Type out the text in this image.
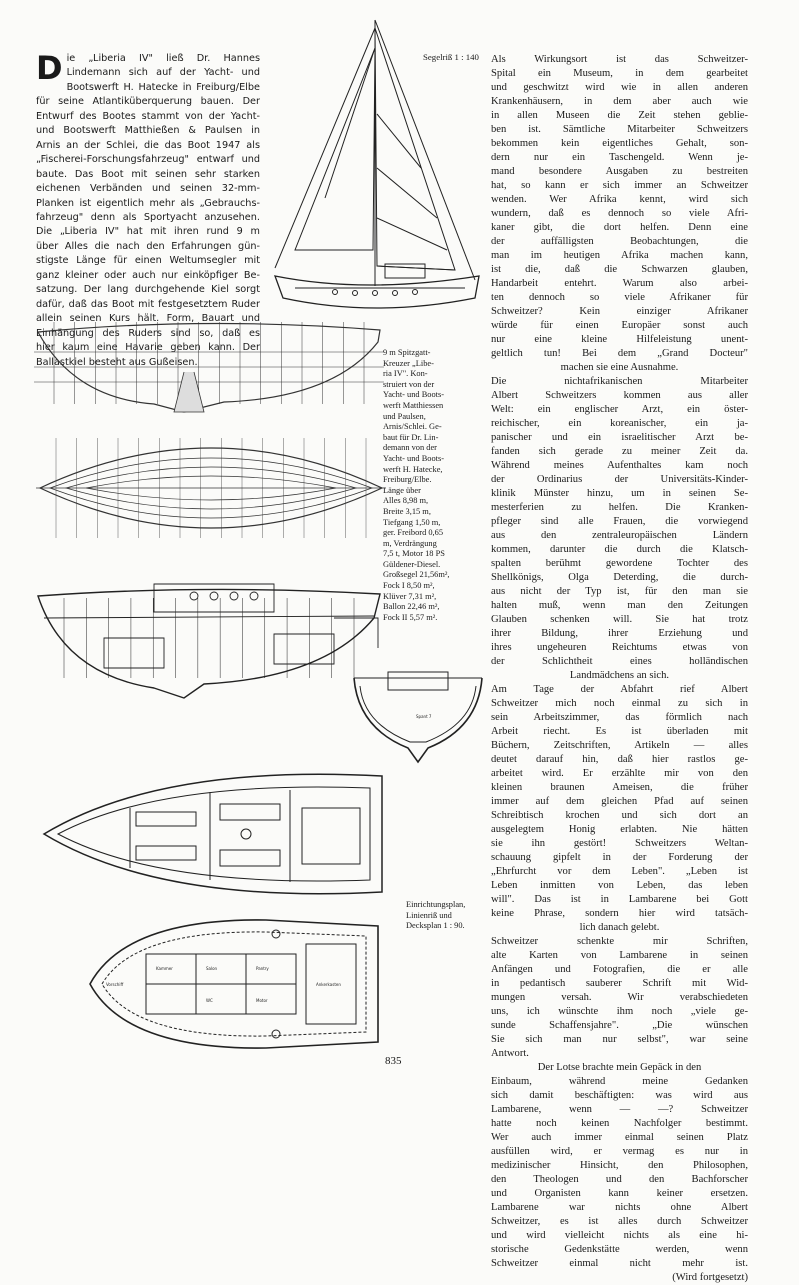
D ie „Liberia IV" ließ Dr. Hannes
Lindemann sich auf der Yacht- und
Bootswerft H. Hatecke in Freiburg/Elbe
für seine Atlantiküberquerung bauen. Der
Entwurf des Bootes stammt von der Yacht-
und Bootswerft Matthießen & Paulsen in
Arnis an der Schlei, die das Boot 1947 als
„Fischerei-Forschungsfahrzeug" entwarf und
baute. Das Boot mit seinen sehr starken
eichenen Verbänden und seinen 32-mm-
Planken ist eigentlich mehr als „Gebrauchs-
fahrzeug" denn als Sportyacht anzusehen.
Die „Liberia IV" hat mit ihren rund 9 m
über Alles die nach den Erfahrungen gün-
stigste Länge für einen Weltumsegler mit
ganz kleiner oder auch nur einköpfiger Be-
satzung. Der lang durchgehende Kiel sorgt
dafür, daß das Boot mit festgesetztem Ruder
allein seinen Kurs hält. Form, Bauart und
Einhängung des Ruders sind so, daß es
hier kaum eine Havarie geben kann. Der
Ballastkiel besteht aus Gußeisen.
Als Wirkungsort ist das Schweitzer-
Spital ein Museum, in dem gearbeitet
und geschwitzt wird wie in allen anderen
Krankenhäusern, in dem aber auch wie
in allen Museen die Zeit stehen geblie-
ben ist. Sämtliche Mitarbeiter Schweitzers
bekommen kein eigentliches Gehalt, son-
dern nur ein Taschengeld. Wenn je-
mand besondere Ausgaben zu bestreiten
hat, so kann er sich immer an Schweitzer
wenden. Wer Afrika kennt, wird sich
wundern, daß es dennoch so viele Afri-
kaner gibt, die dort helfen. Denn eine
der auffälligsten Beobachtungen, die
man im heutigen Afrika machen kann,
ist die, daß die Schwarzen glauben,
Handarbeit entehrt. Warum also arbei-
ten dennoch so viele Afrikaner für
Schweitzer? Kein einziger Afrikaner
würde für einen Europäer sonst auch
nur eine kleine Hilfeleistung unent-
geltlich tun! Bei dem „Grand Docteur"
machen sie eine Ausnahme.
Die nichtafrikanischen Mitarbeiter
Albert Schweitzers kommen aus aller
Welt: ein englischer Arzt, ein öster-
reichischer, ein koreanischer, ein ja-
panischer und ein israelitischer Arzt be-
fanden sich gerade zu meiner Zeit da.
Während meines Aufenthaltes kam noch
der Ordinarius der Universitäts-Kinder-
klinik Münster hinzu, um in seinen Se-
mesterferien zu helfen. Die Kranken-
pfleger sind alle Frauen, die vorwiegend
aus den zentraleuropäischen Ländern
kommen, darunter die durch die Klatsch-
spalten berühmt gewordene Tochter des
Shellkönigs, Olga Deterding, die durch-
aus nicht der Typ ist, für den man sie
halten muß, wenn man den Zeitungen
Glauben schenken will. Sie hat trotz
ihrer Bildung, ihrer Erziehung und
ihres ungeheuren Reichtums etwas von
der Schlichtheit eines holländischen
Landmädchens an sich.
Am Tage der Abfahrt rief Albert
Schweitzer mich noch einmal zu sich in
sein Arbeitszimmer, das förmlich nach
Arbeit riecht. Es ist überladen mit
Büchern, Zeitschriften, Artikeln — alles
deutet darauf hin, daß hier rastlos ge-
arbeitet wird. Er erzählte mir von den
kleinen braunen Ameisen, die früher
immer auf dem gleichen Pfad auf seinen
Schreibtisch krochen und sich dort an
ausgelegtem Honig erlabten. Nie hätten
sie ihn gestört! Schweitzers Weltan-
schauung gipfelt in der Forderung der
„Ehrfurcht vor dem Leben". „Leben ist
Leben inmitten von Leben, das leben
will". Das ist in Lambarene bei Gott
keine Phrase, sondern hier wird tatsäch-
lich danach gelebt.
Schweitzer schenkte mir Schriften,
alte Karten von Lambarene in seinen
Anfängen und Fotografien, die er alle
in pedantisch sauberer Schrift mit Wid-
mungen versah. Wir verabschiedeten
uns, ich wünschte ihm noch „viele ge-
sunde Schaffensjahre". „Die wünschen
Sie sich man nur selbst", war seine
Antwort.
Der Lotse brachte mein Gepäck in den
Einbaum, während meine Gedanken
sich damit beschäftigten: was wird aus
Lambarene, wenn — —? Schweitzer
hatte noch keinen Nachfolger bestimmt.
Wer auch immer einmal seinen Platz
ausfüllen wird, er vermag es nur in
medizinischer Hinsicht, den Philosophen,
den Theologen und den Bachforscher
und Organisten kann keiner ersetzen.
Lambarene war nichts ohne Albert
Schweitzer, es ist alles durch Schweitzer
und wird vielleicht nichts als eine hi-
storische Gedenkstätte werden, wenn
Schweitzer einmal nicht mehr ist.
(Wird fortgesetzt)
Segelriß 1 : 140
9 m Spitzgatt-
Kreuzer „Libe-
ria IV". Kon-
struiert von der
Yacht- und Boots-
werft Matthiessen
und Paulsen,
Arnis/Schlei. Ge-
baut für Dr. Lin-
demann von der
Yacht- und Boots-
werft H. Hatecke,
Freiburg/Elbe.
Länge über
Alles 8,98 m,
Breite 3,15 m,
Tiefgang 1,50 m,
ger. Freibord 0,65
m, Verdrängung
7,5 t, Motor 18 PS
Güldener-Diesel.
Großsegel 21,56m²,
Fock I 8,50 m²,
Klüver 7,31 m²,
Ballon 22,46 m²,
Fock II 5,57 m².
Einrichtungsplan,
Linienriß und
Decksplan 1 : 90.
835
Spant 7
Kammer	Salon	Pantry
Vorschiff	Ankerkasten
WC	Motor
